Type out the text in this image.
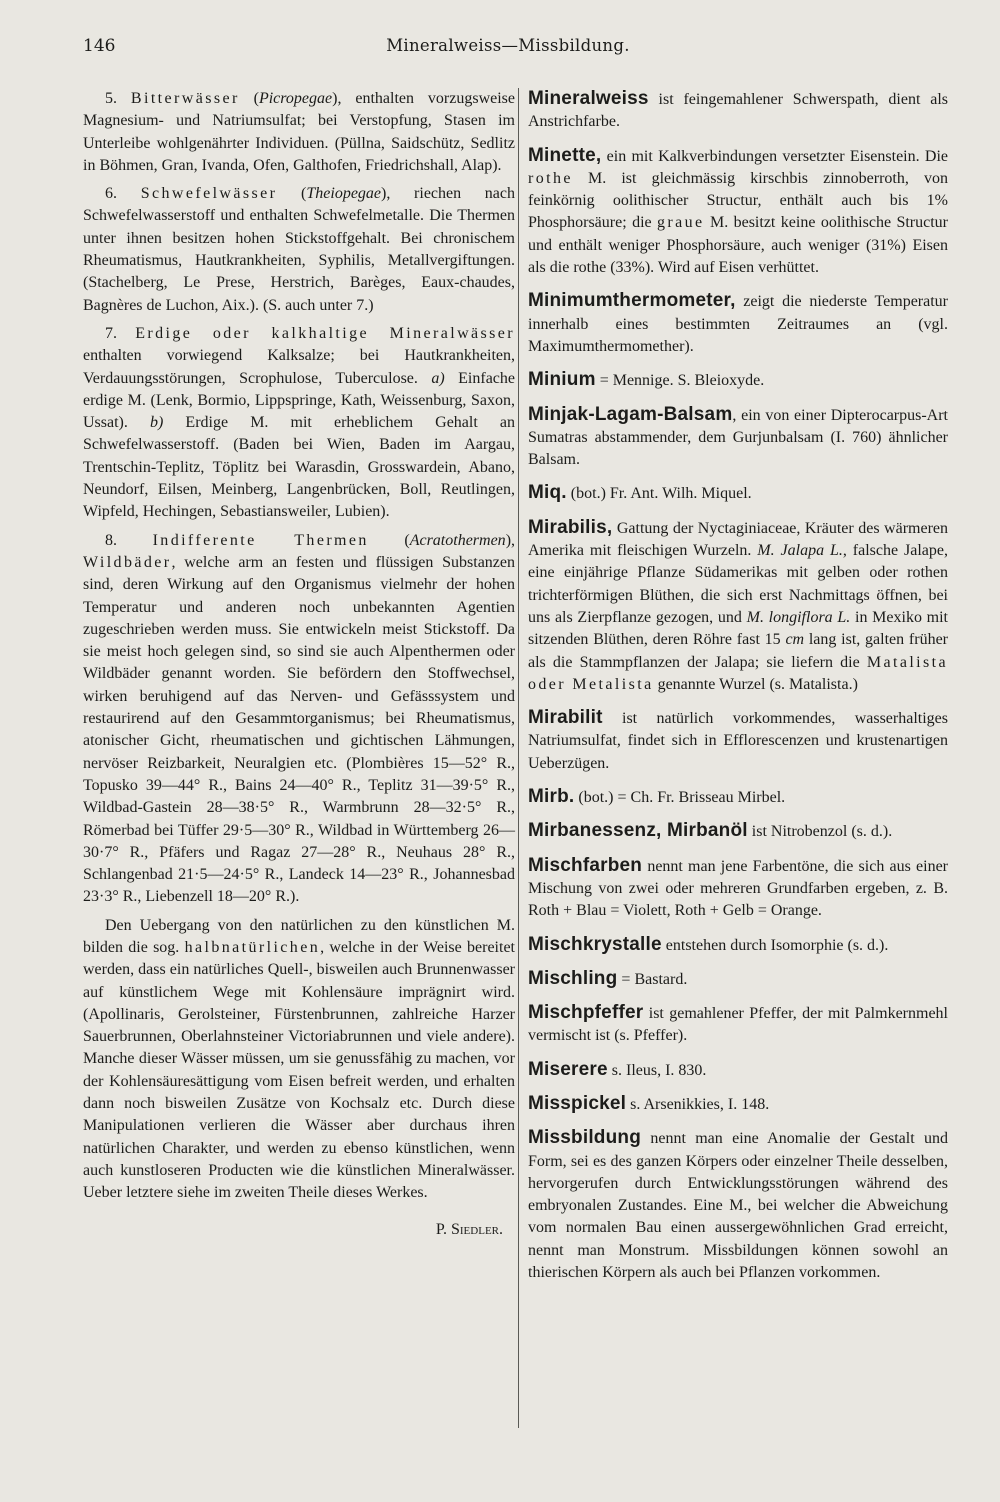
146	Mineralweiss—Missbildung.

5. Bitterwässer (Picropegae), enthalten vorzugsweise Magnesium- und Natriumsulfat; bei Verstopfung, Stasen im Unterleibe wohlgenährter Individuen. (Püllna, Saidschütz, Sedlitz in Böhmen, Gran, Ivanda, Ofen, Galthofen, Friedrichshall, Alap).

6. Schwefelwässer (Theiopegae), riechen nach Schwefelwasserstoff und enthalten Schwefelmetalle. Die Thermen unter ihnen besitzen hohen Stickstoffgehalt. Bei chronischem Rheumatismus, Hautkrankheiten, Syphilis, Metallvergiftungen. (Stachelberg, Le Prese, Herstrich, Barèges, Eaux-chaudes, Bagnères de Luchon, Aix.). (S. auch unter 7.)

7. Erdige oder kalkhaltige Mineralwässer enthalten vorwiegend Kalksalze; bei Hautkrankheiten, Verdauungsstörungen, Scrophulose, Tuberculose. a) Einfache erdige M. (Lenk, Bormio, Lippspringe, Kath, Weissenburg, Saxon, Ussat). b) Erdige M. mit erheblichem Gehalt an Schwefelwasserstoff. (Baden bei Wien, Baden im Aargau, Trentschin-Teplitz, Töplitz bei Warasdin, Grosswardein, Abano, Neundorf, Eilsen, Meinberg, Langenbrücken, Boll, Reutlingen, Wipfeld, Hechingen, Sebastiansweiler, Lubien).

8. Indifferente Thermen (Acratothermen), Wildbäder, welche arm an festen und flüssigen Substanzen sind, deren Wirkung auf den Organismus vielmehr der hohen Temperatur und anderen noch unbekannten Agentien zugeschrieben werden muss. Sie entwickeln meist Stickstoff. Da sie meist hoch gelegen sind, so sind sie auch Alpenthermen oder Wildbäder genannt worden. Sie befördern den Stoffwechsel, wirken beruhigend auf das Nerven- und Gefässsystem und restaurirend auf den Gesammtorganismus; bei Rheumatismus, atonischer Gicht, rheumatischen und gichtischen Lähmungen, nervöser Reizbarkeit, Neuralgien etc. (Plombières 15—52° R., Topusko 39—44° R., Bains 24—40° R., Teplitz 31—39·5° R., Wildbad-Gastein 28—38·5° R., Warmbrunn 28—32·5° R., Römerbad bei Tüffer 29·5—30° R., Wildbad in Württemberg 26—30·7° R., Pfäfers und Ragaz 27—28° R., Neuhaus 28° R., Schlangenbad 21·5—24·5° R., Landeck 14—23° R., Johannesbad 23·3° R., Liebenzell 18—20° R.).

Den Uebergang von den natürlichen zu den künstlichen M. bilden die sog. halbnatürlichen, welche in der Weise bereitet werden, dass ein natürliches Quell-, bisweilen auch Brunnenwasser auf künstlichem Wege mit Kohlensäure imprägnirt wird. (Apollinaris, Gerolsteiner, Fürstenbrunnen, zahlreiche Harzer Sauerbrunnen, Oberlahnsteiner Victoriabrunnen und viele andere). Manche dieser Wässer müssen, um sie genussfähig zu machen, vor der Kohlensäuresättigung vom Eisen befreit werden, und erhalten dann noch bisweilen Zusätze von Kochsalz etc. Durch diese Manipulationen verlieren die Wässer aber durchaus ihren natürlichen Charakter, und werden zu ebenso künstlichen, wenn auch kunstloseren Producten wie die künstlichen Mineralwässer. Ueber letztere siehe im zweiten Theile dieses Werkes.

P. Siedler.

Mineralweiss ist feingemahlener Schwerspath, dient als Anstrichfarbe.

Minette, ein mit Kalkverbindungen versetzter Eisenstein. Die rothe M. ist gleichmässig kirschbis zinnoberroth, von feinkörnig oolithischer Structur, enthält auch bis 1% Phosphorsäure; die graue M. besitzt keine oolithische Structur und enthält weniger Phosphorsäure, auch weniger (31%) Eisen als die rothe (33%). Wird auf Eisen verhüttet.

Minimumthermometer, zeigt die niederste Temperatur innerhalb eines bestimmten Zeitraumes an (vgl. Maximumthermomether).

Minium = Mennige. S. Bleioxyde.

Minjak-Lagam-Balsam, ein von einer Dipterocarpus-Art Sumatras abstammender, dem Gurjunbalsam (I. 760) ähnlicher Balsam.

Miq. (bot.) Fr. Ant. Wilh. Miquel.

Mirabilis, Gattung der Nyctaginiaceae, Kräuter des wärmeren Amerika mit fleischigen Wurzeln. M. Jalapa L., falsche Jalape, eine einjährige Pflanze Südamerikas mit gelben oder rothen trichterförmigen Blüthen, die sich erst Nachmittags öffnen, bei uns als Zierpflanze gezogen, und M. longiflora L. in Mexiko mit sitzenden Blüthen, deren Röhre fast 15 cm lang ist, galten früher als die Stammpflanzen der Jalapa; sie liefern die Matalista oder Metalista genannte Wurzel (s. Matalista.)

Mirabilit ist natürlich vorkommendes, wasserhaltiges Natriumsulfat, findet sich in Efflorescenzen und krustenartigen Ueberzügen.

Mirb. (bot.) = Ch. Fr. Brisseau Mirbel.

Mirbanessenz, Mirbanöl ist Nitrobenzol (s. d.).

Mischfarben nennt man jene Farbentöne, die sich aus einer Mischung von zwei oder mehreren Grundfarben ergeben, z. B. Roth + Blau = Violett, Roth + Gelb = Orange.

Mischkrystalle entstehen durch Isomorphie (s. d.).

Mischling = Bastard.

Mischpfeffer ist gemahlener Pfeffer, der mit Palmkernmehl vermischt ist (s. Pfeffer).

Miserere s. Ileus, I. 830.

Misspickel s. Arsenikkies, I. 148.

Missbildung nennt man eine Anomalie der Gestalt und Form, sei es des ganzen Körpers oder einzelner Theile desselben, hervorgerufen durch Entwicklungsstörungen während des embryonalen Zustandes. Eine M., bei welcher die Abweichung vom normalen Bau einen aussergewöhnlichen Grad erreicht, nennt man Monstrum. Missbildungen können sowohl an thierischen Körpern als auch bei Pflanzen vorkommen.
